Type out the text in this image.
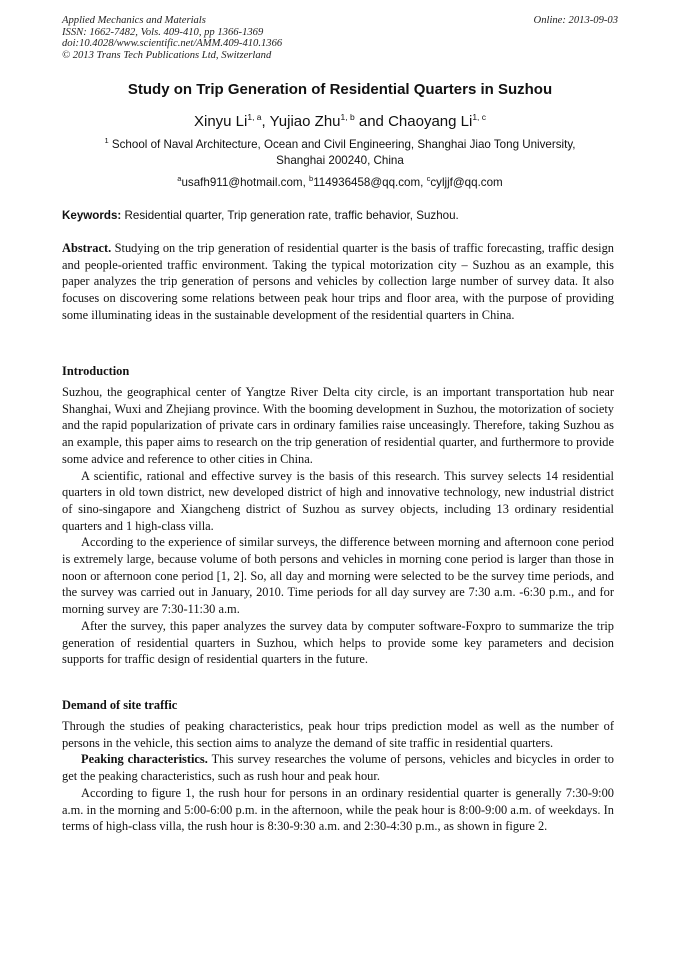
Applied Mechanics and Materials
ISSN: 1662-7482, Vols. 409-410, pp 1366-1369
doi:10.4028/www.scientific.net/AMM.409-410.1366
© 2013 Trans Tech Publications Ltd, Switzerland
Online: 2013-09-03
Study on Trip Generation of Residential Quarters in Suzhou
Xinyu Li$^{1, a}$, Yujiao Zhu$^{1, b}$ and Chaoyang Li$^{1, c}$
$^1$ School of Naval Architecture, Ocean and Civil Engineering, Shanghai Jiao Tong University,
Shanghai 200240, China
$^a$usafh911@hotmail.com, $^b$114936458@qq.com, $^c$cyljjf@qq.com
Keywords: Residential quarter, Trip generation rate, traffic behavior, Suzhou.

Abstract. Studying on the trip generation of residential quarter is the basis of traffic forecasting, traffic design and people-oriented traffic environment. Taking the typical motorization city – Suzhou as an example, this paper analyzes the trip generation of persons and vehicles by collection large number of survey data. It also focuses on discovering some relations between peak hour trips and floor area, with the purpose of providing some illuminating ideas in the sustainable development of the residential quarters in China.

Introduction

Suzhou, the geographical center of Yangtze River Delta city circle, is an important transportation hub near Shanghai, Wuxi and Zhejiang province. With the booming development in Suzhou, the motorization of society and the rapid popularization of private cars in ordinary families raise unceasingly. Therefore, taking Suzhou as an example, this paper aims to research on the trip generation of residential quarter, and furthermore to provide some advice and reference to other cities in China.

A scientific, rational and effective survey is the basis of this research. This survey selects 14 residential quarters in old town district, new developed district of high and innovative technology, new industrial district of sino-singapore and Xiangcheng district of Suzhou as survey objects, including 13 ordinary residential quarters and 1 high-class villa.

According to the experience of similar surveys, the difference between morning and afternoon cone period is extremely large, because volume of both persons and vehicles in morning cone period is larger than those in noon or afternoon cone period [1, 2]. So, all day and morning were selected to be the survey time periods, and the survey was carried out in January, 2010. Time periods for all day survey are 7:30 a.m. -6:30 p.m., and for morning survey are 7:30-11:30 a.m.

After the survey, this paper analyzes the survey data by computer software-Foxpro to summarize the trip generation of residential quarters in Suzhou, which helps to provide some key parameters and decision supports for traffic design of residential quarters in the future.

Demand of site traffic

Through the studies of peaking characteristics, peak hour trips prediction model as well as the number of persons in the vehicle, this section aims to analyze the demand of site traffic in residential quarters.

Peaking characteristics. This survey researches the volume of persons, vehicles and bicycles in order to get the peaking characteristics, such as rush hour and peak hour.

According to figure 1, the rush hour for persons in an ordinary residential quarter is generally 7:30-9:00 a.m. in the morning and 5:00-6:00 p.m. in the afternoon, while the peak hour is 8:00-9:00 a.m. of weekdays. In terms of high-class villa, the rush hour is 8:30-9:30 a.m. and 2:30-4:30 p.m., as shown in figure 2.
